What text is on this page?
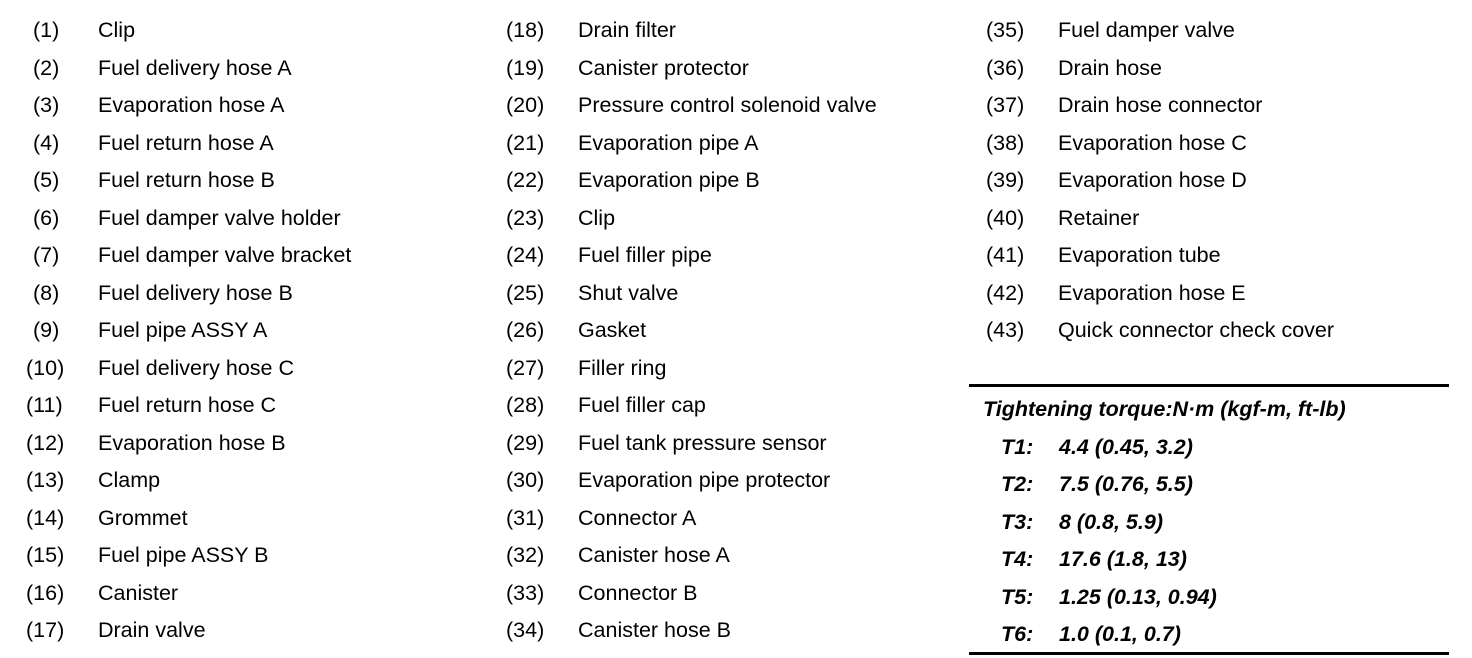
(1) Clip
(2) Fuel delivery hose A
(3) Evaporation hose A
(4) Fuel return hose A
(5) Fuel return hose B
(6) Fuel damper valve holder
(7) Fuel damper valve bracket
(8) Fuel delivery hose B
(9) Fuel pipe ASSY A
(10) Fuel delivery hose C
(11) Fuel return hose C
(12) Evaporation hose B
(13) Clamp
(14) Grommet
(15) Fuel pipe ASSY B
(16) Canister
(17) Drain valve
(18) Drain filter
(19) Canister protector
(20) Pressure control solenoid valve
(21) Evaporation pipe A
(22) Evaporation pipe B
(23) Clip
(24) Fuel filler pipe
(25) Shut valve
(26) Gasket
(27) Filler ring
(28) Fuel filler cap
(29) Fuel tank pressure sensor
(30) Evaporation pipe protector
(31) Connector A
(32) Canister hose A
(33) Connector B
(34) Canister hose B
(35) Fuel damper valve
(36) Drain hose
(37) Drain hose connector
(38) Evaporation hose C
(39) Evaporation hose D
(40) Retainer
(41) Evaporation tube
(42) Evaporation hose E
(43) Quick connector check cover
Tightening torque:N·m (kgf-m, ft-lb)
T1: 4.4 (0.45, 3.2)
T2: 7.5 (0.76, 5.5)
T3: 8 (0.8, 5.9)
T4: 17.6 (1.8, 13)
T5: 1.25 (0.13, 0.94)
T6: 1.0 (0.1, 0.7)
